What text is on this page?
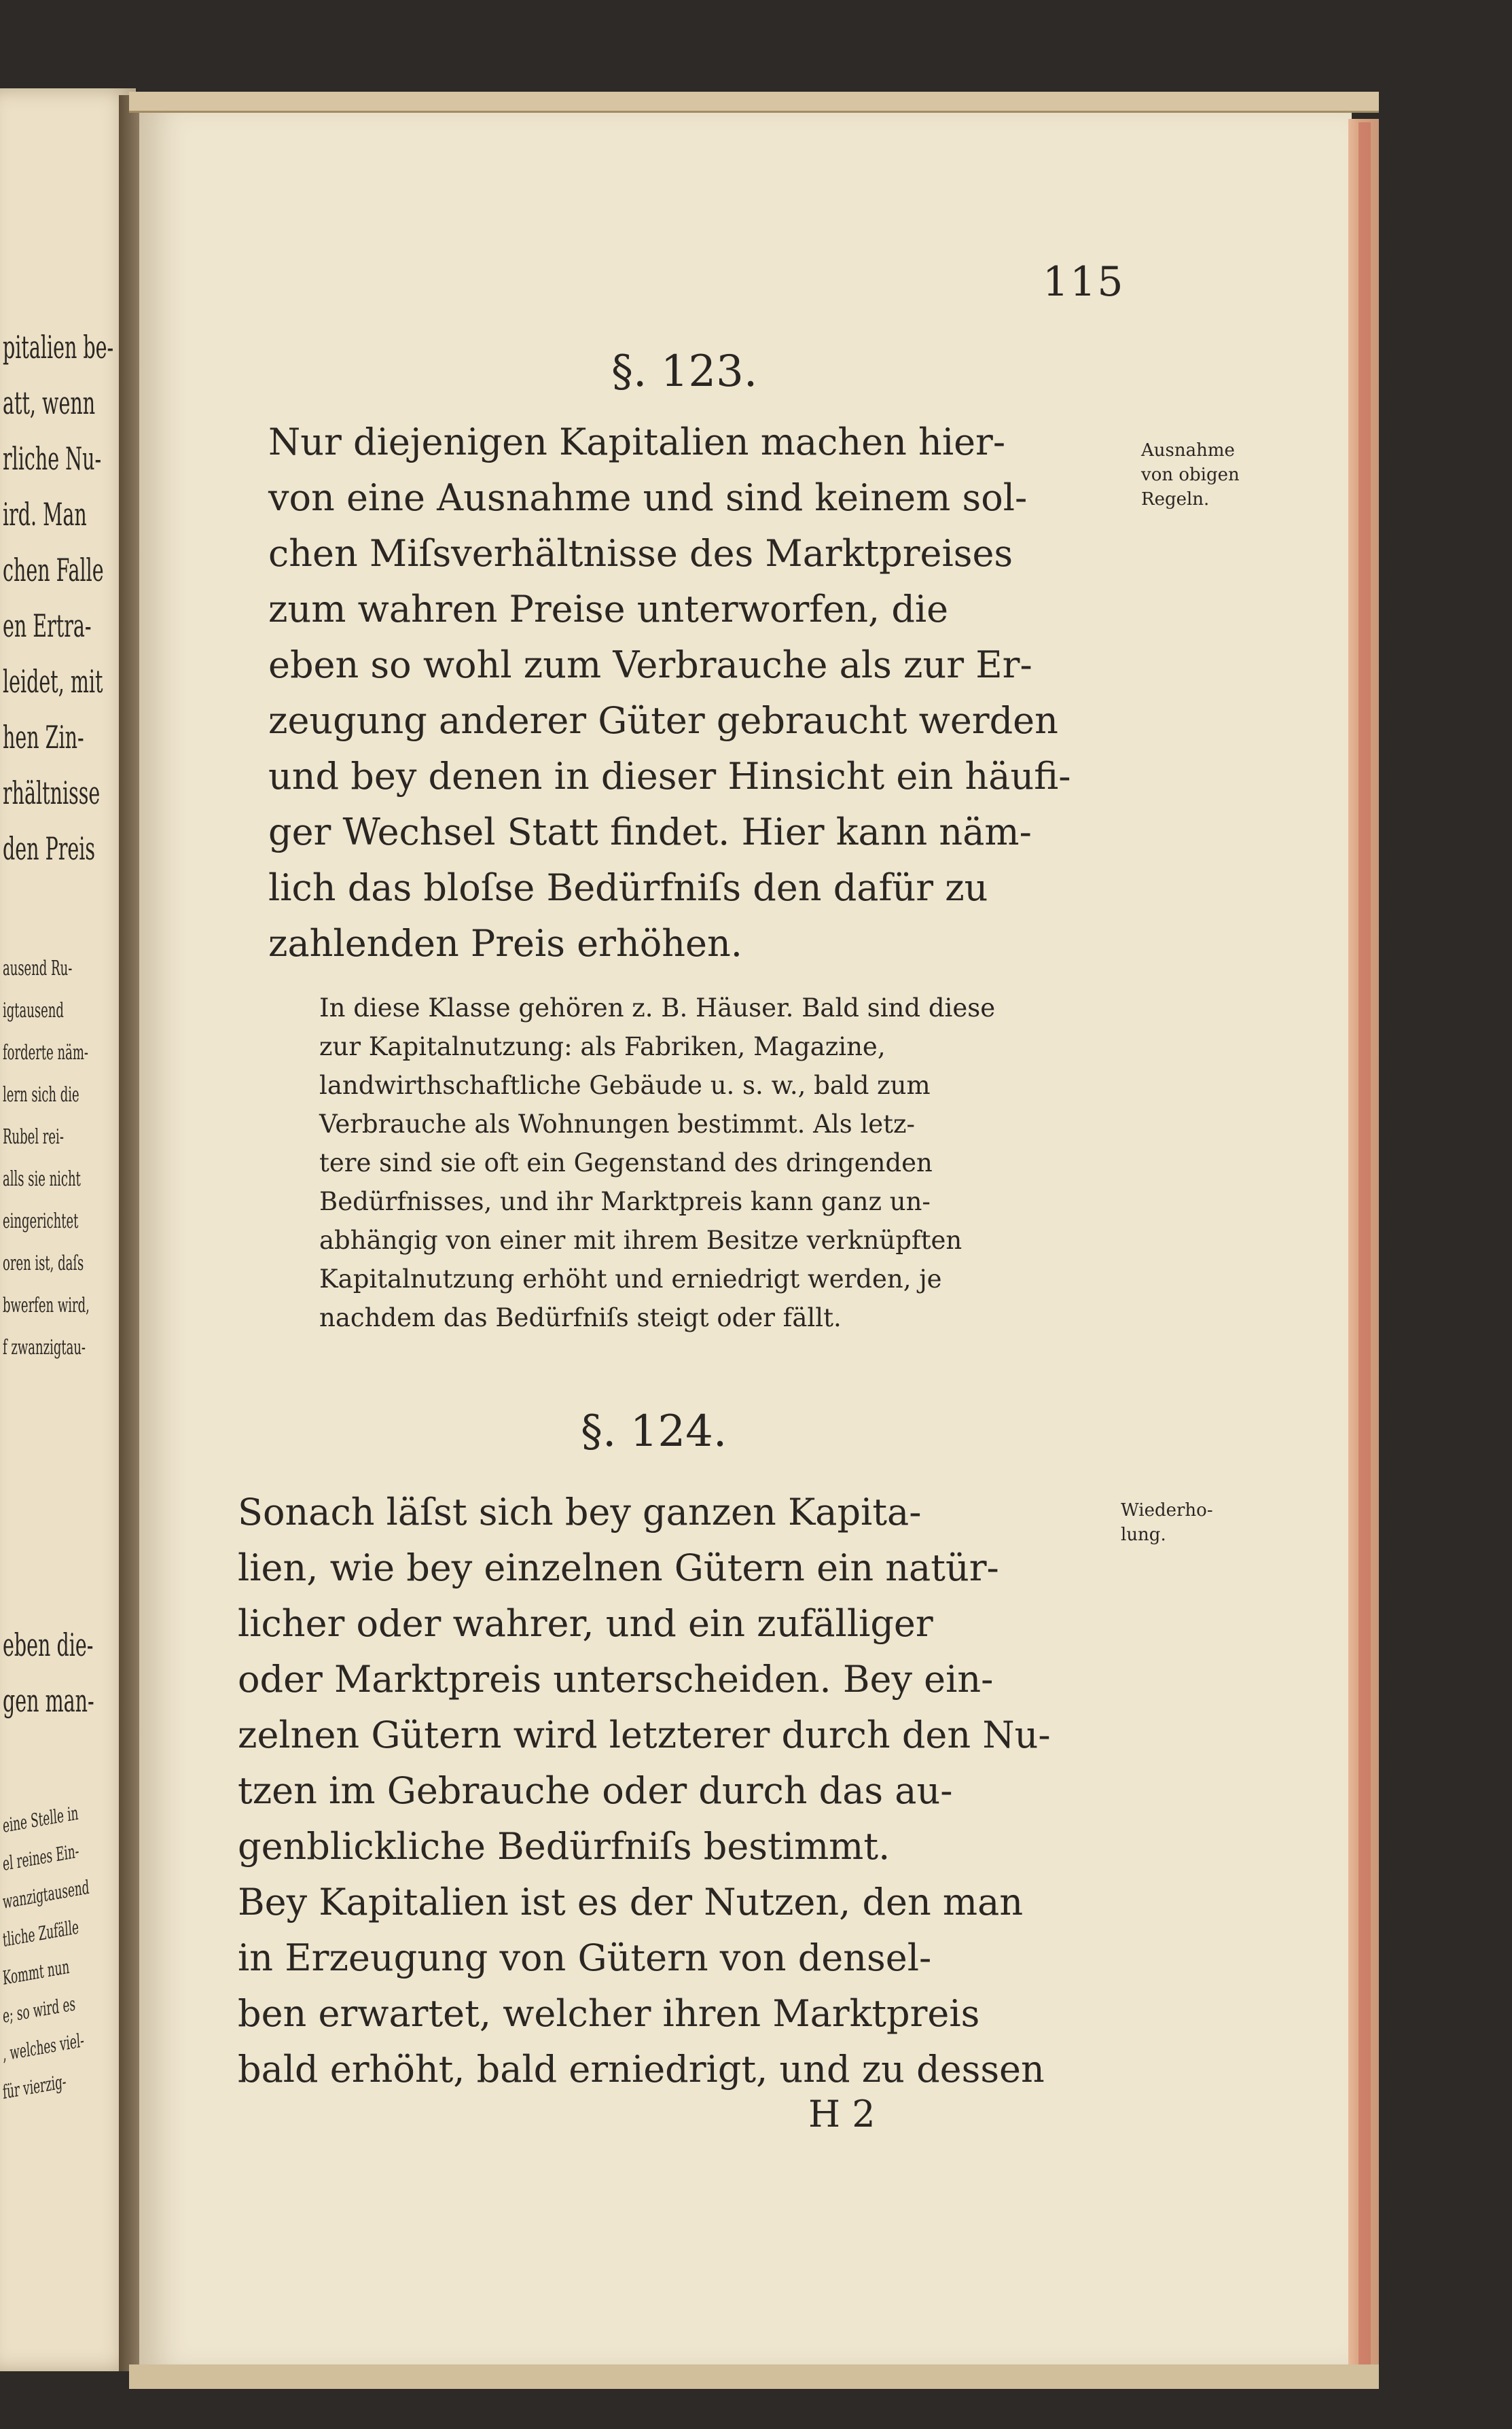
pitalien be-
att, wenn
rliche Nu-
ird. Man
chen Falle
en Ertra-
leidet, mit
hen Zin-
rhältnisse
den Preis
ausend Ru-
igtausend
forderte näm-
lern sich die
Rubel rei-
alls sie nicht
eingerichtet
oren ist, daſs
bwerfen wird,
f zwanzigtau-
eben die-
gen man-
eine Stelle in
el reines Ein-
wanzigtausend
tliche Zufälle
Kommt nun
e; so wird es
, welches viel-
für vierzig-
115
§. 123.
Nur diejenigen Kapitalien machen hier-
von eine Ausnahme und sind keinem sol-
chen Miſsverhältnisse des Marktpreises
zum wahren Preise unterworfen, die
eben so wohl zum Verbrauche als zur Er-
zeugung anderer Güter gebraucht werden
und bey denen in dieser Hinsicht ein häufi-
ger Wechsel Statt findet. Hier kann näm-
lich das bloſse Bedürfniſs den dafür zu
zahlenden Preis erhöhen.
Ausnahme
von obigen
Regeln.
In diese Klasse gehören z. B. Häuser. Bald sind diese
zur Kapitalnutzung: als Fabriken, Magazine,
landwirthschaftliche Gebäude u. s. w., bald zum
Verbrauche als Wohnungen bestimmt. Als letz-
tere sind sie oft ein Gegenstand des dringenden
Bedürfnisses, und ihr Marktpreis kann ganz un-
abhängig von einer mit ihrem Besitze verknüpften
Kapitalnutzung erhöht und erniedrigt werden, je
nachdem das Bedürfniſs steigt oder fällt.
§. 124.
Sonach läſst sich bey ganzen Kapita-
lien, wie bey einzelnen Gütern ein natür-
licher oder wahrer, und ein zufälliger
oder Marktpreis unterscheiden. Bey ein-
zelnen Gütern wird letzterer durch den Nu-
tzen im Gebrauche oder durch das au-
genblickliche Bedürfniſs bestimmt.
Bey Kapitalien ist es der Nutzen, den man
in Erzeugung von Gütern von densel-
ben erwartet, welcher ihren Marktpreis
bald erhöht, bald erniedrigt, und zu dessen
Wiederho-
lung.
H 2
